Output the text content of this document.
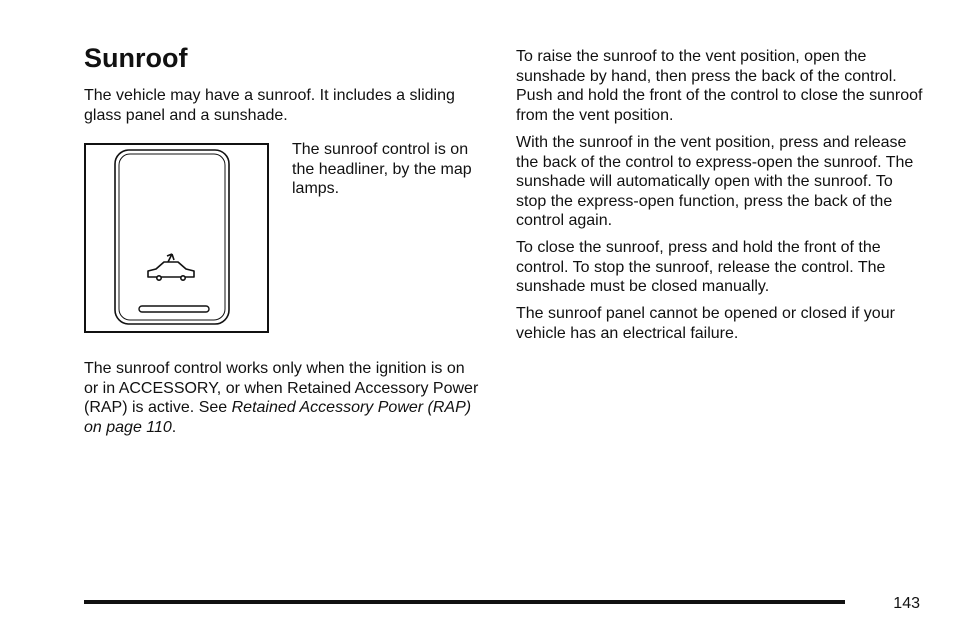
Sunroof

The vehicle may have a sunroof. It includes a sliding glass panel and a sunshade.

The sunroof control is on the headliner, by the map lamps.

The sunroof control works only when the ignition is on or in ACCESSORY, or when Retained Accessory Power (RAP) is active. See Retained Accessory Power (RAP) on page 110.

To raise the sunroof to the vent position, open the sunshade by hand, then press the back of the control. Push and hold the front of the control to close the sunroof from the vent position.

With the sunroof in the vent position, press and release the back of the control to express-open the sunroof. The sunshade will automatically open with the sunroof. To stop the express-open function, press the back of the control again.

To close the sunroof, press and hold the front of the control. To stop the sunroof, release the control. The sunshade must be closed manually.

The sunroof panel cannot be opened or closed if your vehicle has an electrical failure.

143
